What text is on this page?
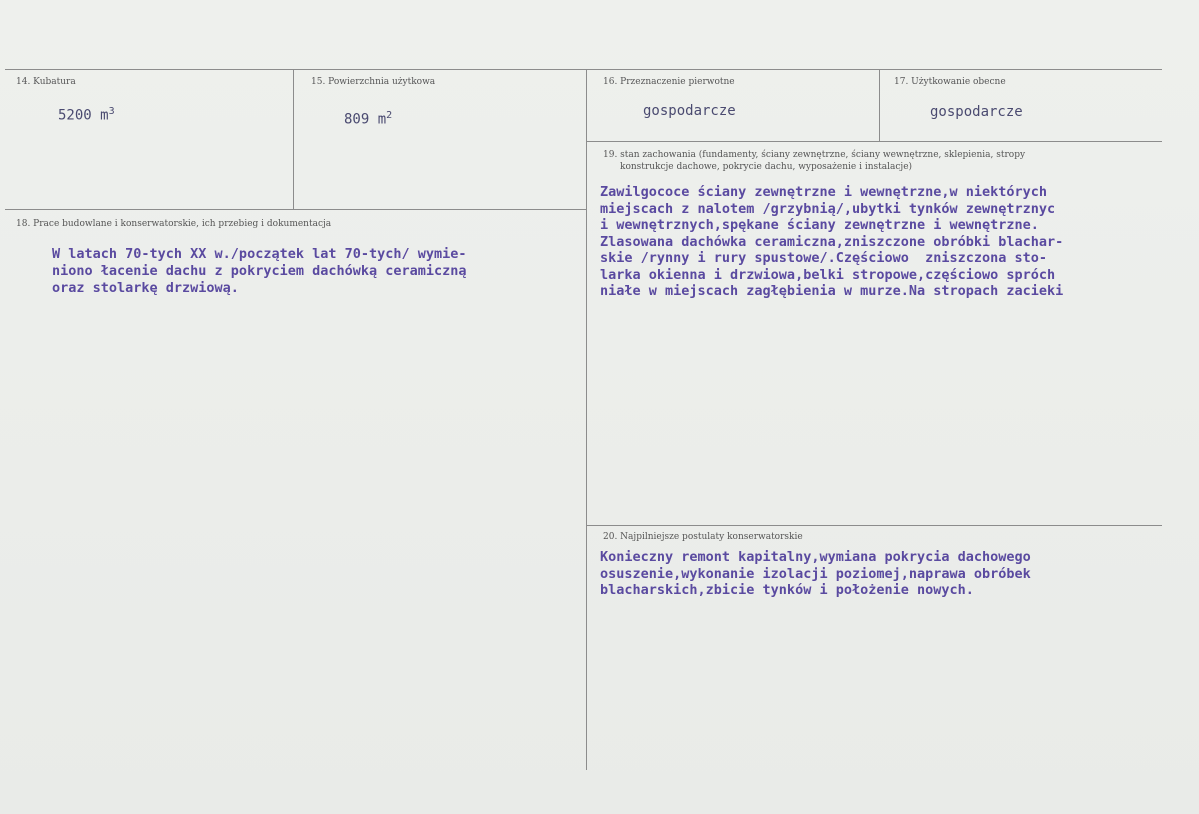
14. Kubatura
5200 $m^3$
15. Powierzchnia użytkowa
809 $m^2$
16. Przeznaczenie pierwotne
gospodarcze
17. Użytkowanie obecne
gospodarcze
18. Prace budowlane i konserwatorskie, ich przebieg i dokumentacja
W latach 70-tych XX w./początek lat 70-tych/ wymie-
niono łacenie dachu z pokryciem dachówką ceramiczną
oraz stolarkę drzwiową.
19. stan zachowania (fundamenty, ściany zewnętrzne, ściany wewnętrzne, sklepienia, stropy
konstrukcje dachowe, pokrycie dachu, wyposażenie i instalacje)
Zawilgococe ściany zewnętrzne i wewnętrzne,w niektórych
miejscach z nalotem /grzybnią/,ubytki tynków zewnętrznyc
i wewnętrznych,spękane ściany zewnętrzne i wewnętrzne.
Zlasowana dachówka ceramiczna,zniszczone obróbki blachar-
skie /rynny i rury spustowe/.Częściowo  zniszczona sto-
larka okienna i drzwiowa,belki stropowe,częściowo spróch
niałe w miejscach zagłębienia w murze.Na stropach zacieki
20. Najpilniejsze postulaty konserwatorskie
Konieczny remont kapitalny,wymiana pokrycia dachowego
osuszenie,wykonanie izolacji poziomej,naprawa obróbek
blacharskich,zbicie tynków i położenie nowych.
